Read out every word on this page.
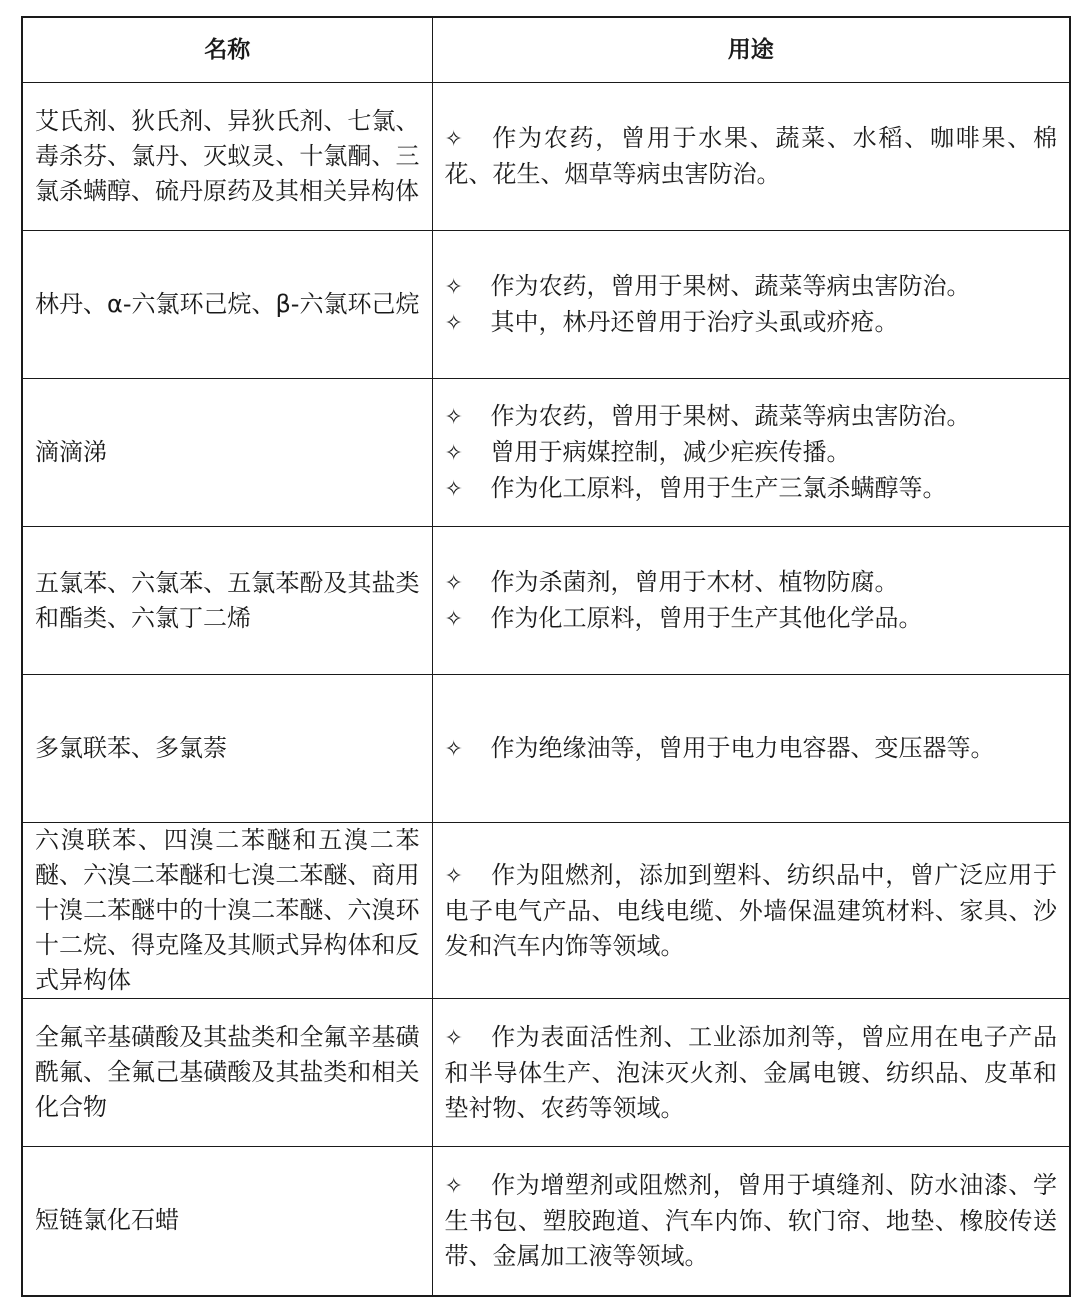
名称	用途
艾氏剂、狄氏剂、异狄氏剂、七氯、毒杀芬、氯丹、灭蚁灵、十氯酮、三氯杀螨醇、硫丹原药及其相关异构体	✧ 作为农药，曾用于水果、蔬菜、水稻、咖啡果、棉花、花生、烟草等病虫害防治。

林丹、α-六氯环己烷、β-六氯环己烷	✧ 作为农药，曾用于果树、蔬菜等病虫害防治。
✧ 其中，林丹还曾用于治疗头虱或疥疮。

滴滴涕	✧ 作为农药，曾用于果树、蔬菜等病虫害防治。
✧ 曾用于病媒控制，减少疟疾传播。
✧ 作为化工原料，曾用于生产三氯杀螨醇等。

五氯苯、六氯苯、五氯苯酚及其盐类和酯类、六氯丁二烯	✧ 作为杀菌剂，曾用于木材、植物防腐。
✧ 作为化工原料，曾用于生产其他化学品。

多氯联苯、多氯萘	✧ 作为绝缘油等，曾用于电力电容器、变压器等。

六溴联苯、四溴二苯醚和五溴二苯醚、六溴二苯醚和七溴二苯醚、商用十溴二苯醚中的十溴二苯醚、六溴环十二烷、得克隆及其顺式异构体和反式异构体	✧ 作为阻燃剂，添加到塑料、纺织品中，曾广泛应用于电子电气产品、电线电缆、外墙保温建筑材料、家具、沙发和汽车内饰等领域。

全氟辛基磺酸及其盐类和全氟辛基磺酰氟、全氟己基磺酸及其盐类和相关化合物	✧ 作为表面活性剂、工业添加剂等，曾应用在电子产品和半导体生产、泡沫灭火剂、金属电镀、纺织品、皮革和垫衬物、农药等领域。

短链氯化石蜡	✧ 作为增塑剂或阻燃剂，曾用于填缝剂、防水油漆、学生书包、塑胶跑道、汽车内饰、软门帘、地垫、橡胶传送带、金属加工液等领域。
